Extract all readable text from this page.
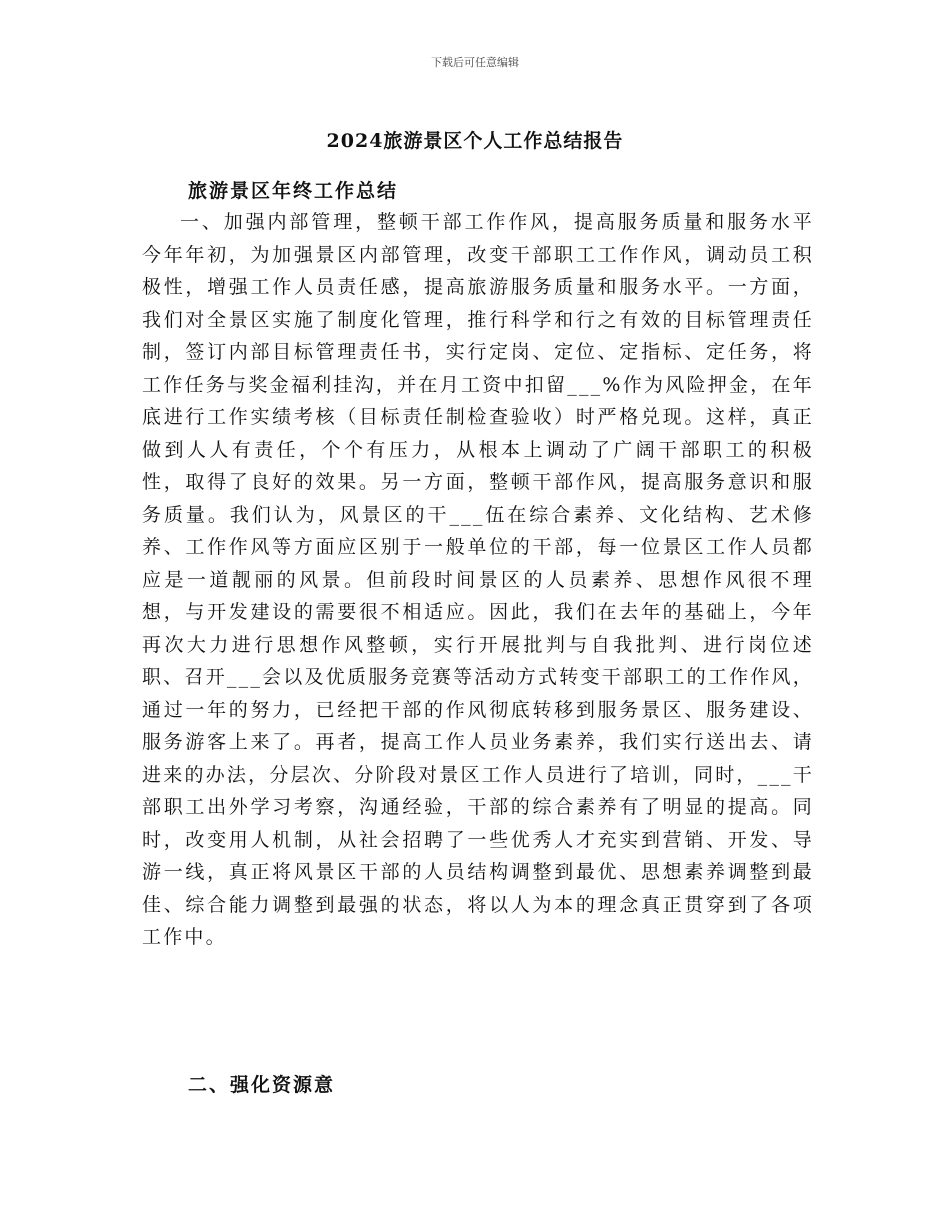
下载后可任意编辑
2024旅游景区个人工作总结报告
旅游景区年终工作总结

一、加强内部管理，整顿干部工作作风，提高服务质量和服务水平今年年初，为加强景区内部管理，改变干部职工工作作风，调动员工积极性，增强工作人员责任感，提高旅游服务质量和服务水平。一方面，我们对全景区实施了制度化管理，推行科学和行之有效的目标管理责任制，签订内部目标管理责任书，实行定岗、定位、定指标、定任务，将工作任务与奖金福利挂沟，并在月工资中扣留___%作为风险押金，在年底进行工作实绩考核（目标责任制检查验收）时严格兑现。这样，真正做到人人有责任，个个有压力，从根本上调动了广阔干部职工的积极性，取得了良好的效果。另一方面，整顿干部作风，提高服务意识和服务质量。我们认为，风景区的干___伍在综合素养、文化结构、艺术修养、工作作风等方面应区别于一般单位的干部，每一位景区工作人员都应是一道靓丽的风景。但前段时间景区的人员素养、思想作风很不理想，与开发建设的需要很不相适应。因此，我们在去年的基础上，今年再次大力进行思想作风整顿，实行开展批判与自我批判、进行岗位述职、召开___会以及优质服务竞赛等活动方式转变干部职工的工作作风，通过一年的努力，已经把干部的作风彻底转移到服务景区、服务建设、服务游客上来了。再者，提高工作人员业务素养，我们实行送出去、请进来的办法，分层次、分阶段对景区工作人员进行了培训，同时，___干部职工出外学习考察，沟通经验，干部的综合素养有了明显的提高。同时，改变用人机制，从社会招聘了一些优秀人才充实到营销、开发、导游一线，真正将风景区干部的人员结构调整到最优、思想素养调整到最佳、综合能力调整到最强的状态，将以人为本的理念真正贯穿到了各项工作中。

二、强化资源意
